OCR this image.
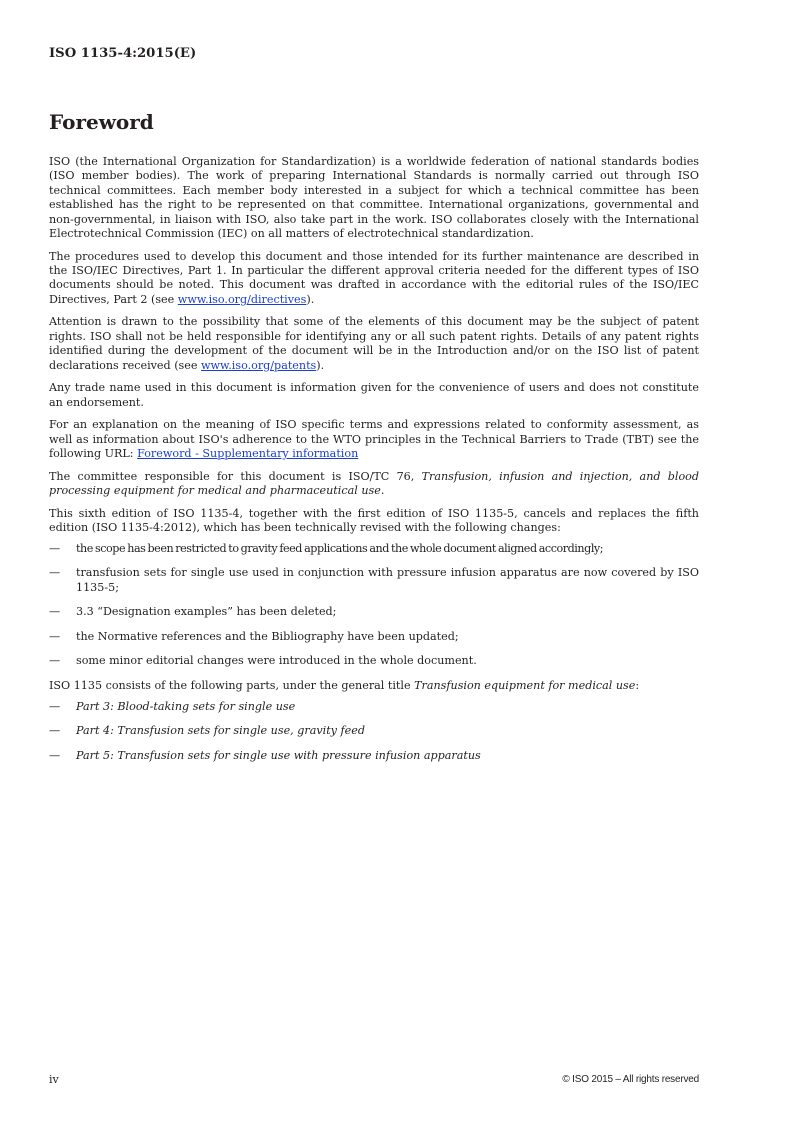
ISO 1135-4:2015(E)
Foreword

ISO (the International Organization for Standardization) is a worldwide federation of national standards bodies (ISO member bodies). The work of preparing International Standards is normally carried out through ISO technical committees. Each member body interested in a subject for which a technical committee has been established has the right to be represented on that committee. International organizations, governmental and non-governmental, in liaison with ISO, also take part in the work. ISO collaborates closely with the International Electrotechnical Commission (IEC) on all matters of electrotechnical standardization.

The procedures used to develop this document and those intended for its further maintenance are described in the ISO/IEC Directives, Part 1. In particular the different approval criteria needed for the different types of ISO documents should be noted. This document was drafted in accordance with the editorial rules of the ISO/IEC Directives, Part 2 (see www.iso.org/directives).

Attention is drawn to the possibility that some of the elements of this document may be the subject of patent rights. ISO shall not be held responsible for identifying any or all such patent rights. Details of any patent rights identified during the development of the document will be in the Introduction and/or on the ISO list of patent declarations received (see www.iso.org/patents).

Any trade name used in this document is information given for the convenience of users and does not constitute an endorsement.

For an explanation on the meaning of ISO specific terms and expressions related to conformity assessment, as well as information about ISO's adherence to the WTO principles in the Technical Barriers to Trade (TBT) see the following URL: Foreword - Supplementary information

The committee responsible for this document is ISO/TC 76, Transfusion, infusion and injection, and blood processing equipment for medical and pharmaceutical use.

This sixth edition of ISO 1135-4, together with the first edition of ISO 1135-5, cancels and replaces the fifth edition (ISO 1135-4:2012), which has been technically revised with the following changes:

— the scope has been restricted to gravity feed applications and the whole document aligned accordingly;
— transfusion sets for single use used in conjunction with pressure infusion apparatus are now covered by ISO 1135-5;
— 3.3 “Designation examples” has been deleted;
— the Normative references and the Bibliography have been updated;
— some minor editorial changes were introduced in the whole document.

ISO 1135 consists of the following parts, under the general title Transfusion equipment for medical use:

— Part 3: Blood-taking sets for single use
— Part 4: Transfusion sets for single use, gravity feed
— Part 5: Transfusion sets for single use with pressure infusion apparatus
iv	© ISO 2015 – All rights reserved
